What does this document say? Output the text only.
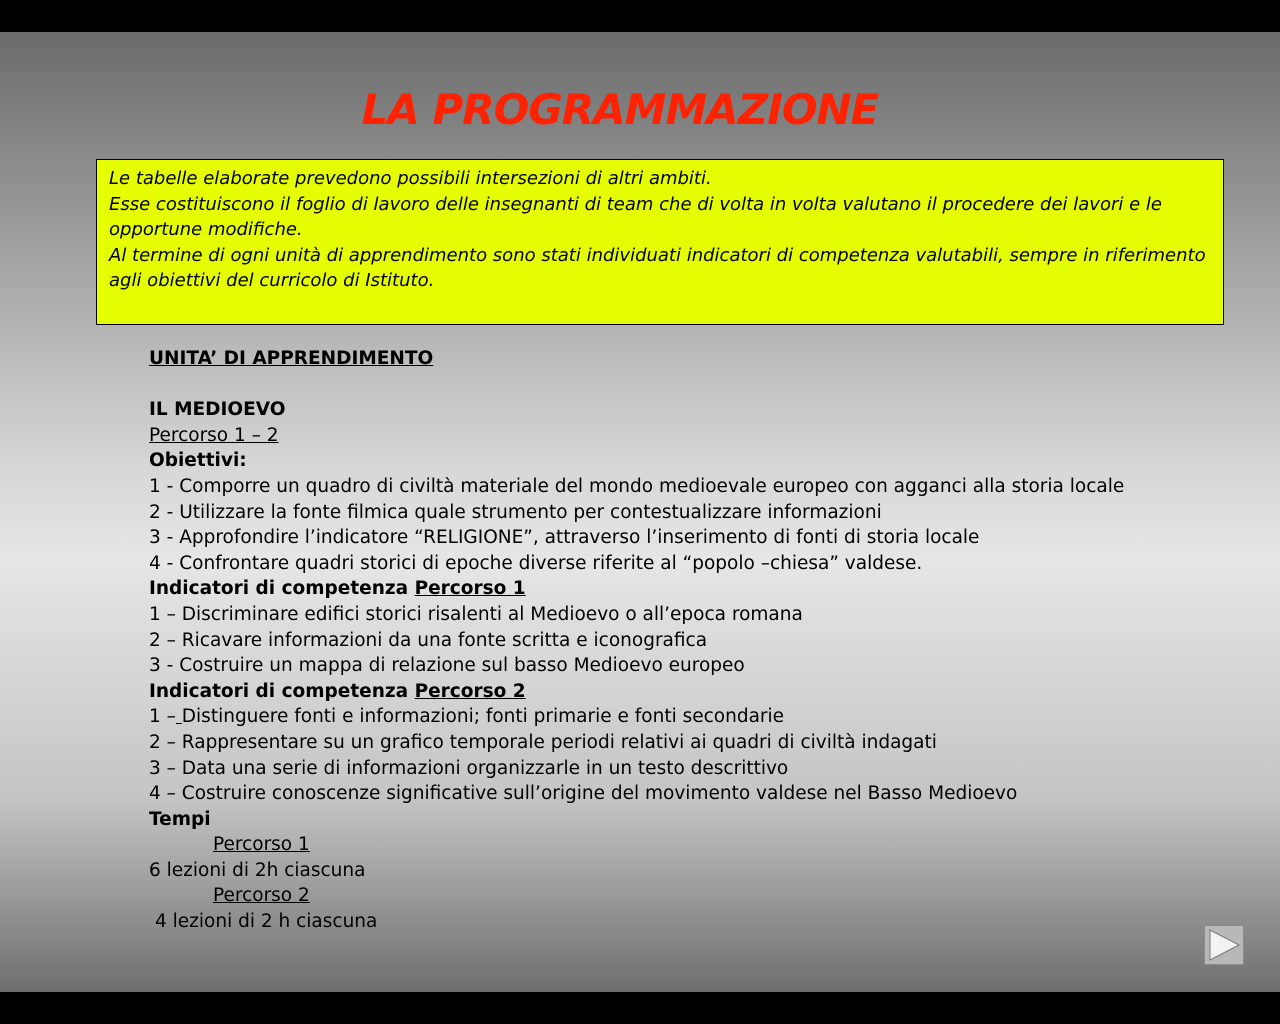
LA PROGRAMMAZIONE

Le tabelle elaborate prevedono possibili intersezioni di altri ambiti.

Esse costituiscono il foglio di lavoro delle insegnanti di team che di volta in volta valutano il procedere dei lavori e le opportune modifiche.

Al termine di ogni unità di apprendimento sono stati individuati indicatori di competenza valutabili, sempre in riferimento agli obiettivi del curricolo di Istituto.

UNITA’ DI APPRENDIMENTO

IL MEDIOEVO

Percorso 1 – 2

Obiettivi:

1 - Comporre un quadro di civiltà materiale del mondo medioevale europeo con agganci alla storia locale

2 - Utilizzare la fonte filmica quale strumento per contestualizzare informazioni

3 - Approfondire l’indicatore “RELIGIONE”, attraverso l’inserimento di fonti di storia locale

4 - Confrontare quadri storici di epoche diverse riferite al “popolo –chiesa” valdese.

Indicatori di competenza Percorso 1

1 – Discriminare edifici storici risalenti al Medioevo o all’epoca romana

2 – Ricavare informazioni da una fonte scritta e iconografica

3 - Costruire un mappa di relazione sul basso Medioevo europeo

Indicatori di competenza Percorso 2

1 – Distinguere fonti e informazioni; fonti primarie e fonti secondarie

2 – Rappresentare su un grafico temporale periodi relativi ai quadri di civiltà indagati

3 – Data una serie di informazioni organizzarle in un testo descrittivo

4 – Costruire conoscenze significative sull’origine del movimento valdese nel Basso Medioevo

Tempi

Percorso 1

6 lezioni di 2h ciascuna

Percorso 2

4 lezioni di 2 h ciascuna
